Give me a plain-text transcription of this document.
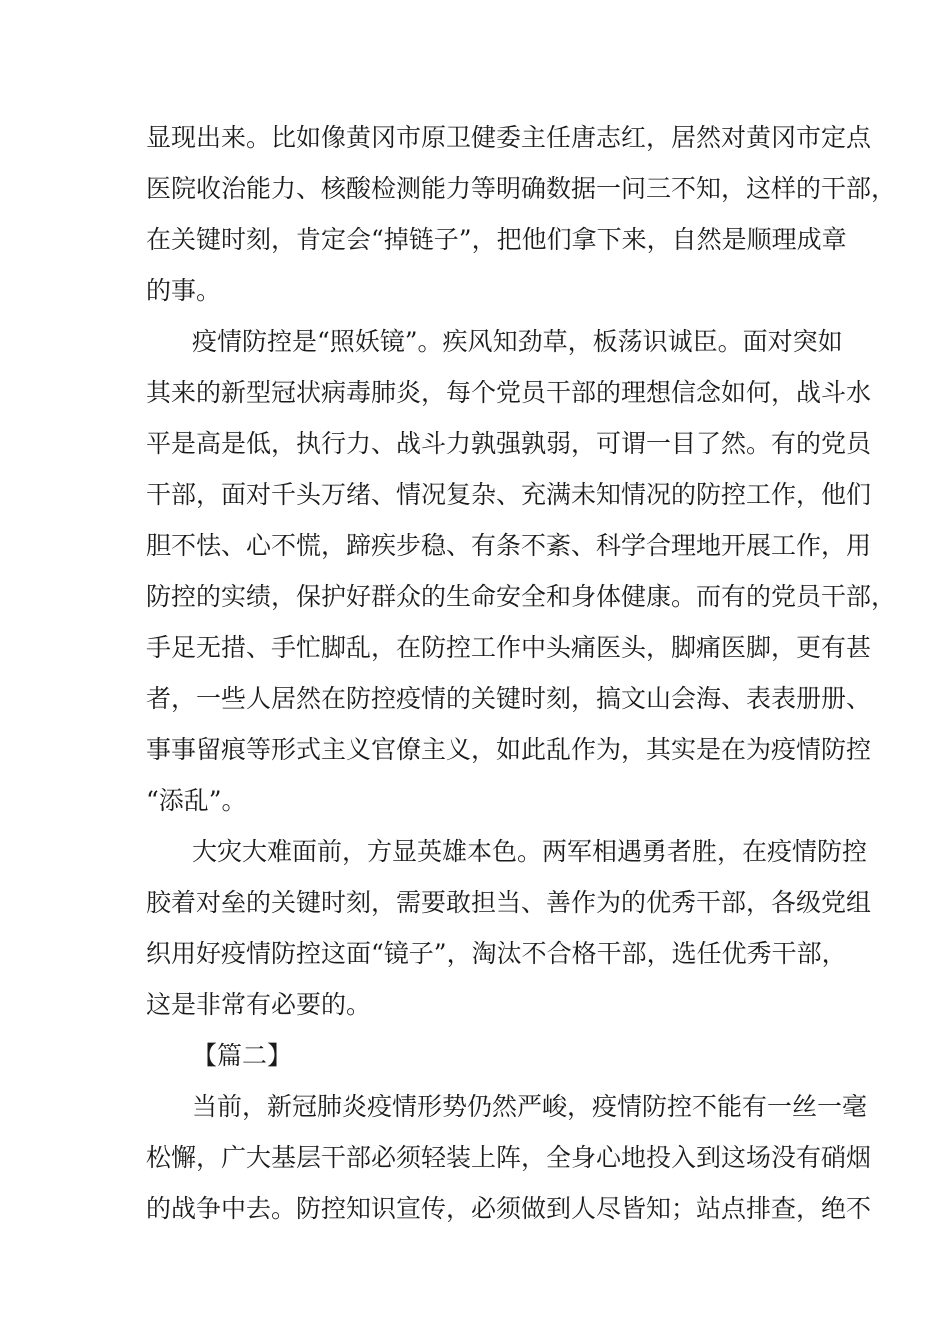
显现出来。比如像黄冈市原卫健委主任唐志红，居然对黄冈市定点
医院收治能力、核酸检测能力等明确数据一问三不知，这样的干部，
在关键时刻，肯定会“掉链子”，把他们拿下来，自然是顺理成章
的事。
疫情防控是“照妖镜”。疾风知劲草，板荡识诚臣。面对突如
其来的新型冠状病毒肺炎，每个党员干部的理想信念如何，战斗水
平是高是低，执行力、战斗力孰强孰弱，可谓一目了然。有的党员
干部，面对千头万绪、情况复杂、充满未知情况的防控工作，他们
胆不怯、心不慌，蹄疾步稳、有条不紊、科学合理地开展工作，用
防控的实绩，保护好群众的生命安全和身体健康。而有的党员干部，
手足无措、手忙脚乱，在防控工作中头痛医头，脚痛医脚，更有甚
者，一些人居然在防控疫情的关键时刻，搞文山会海、表表册册、
事事留痕等形式主义官僚主义，如此乱作为，其实是在为疫情防控
“添乱”。
大灾大难面前，方显英雄本色。两军相遇勇者胜，在疫情防控
胶着对垒的关键时刻，需要敢担当、善作为的优秀干部，各级党组
织用好疫情防控这面“镜子”，淘汰不合格干部，选任优秀干部，
这是非常有必要的。
【篇二】
当前，新冠肺炎疫情形势仍然严峻，疫情防控不能有一丝一毫
松懈，广大基层干部必须轻装上阵，全身心地投入到这场没有硝烟
的战争中去。防控知识宣传，必须做到人尽皆知；站点排查，绝不
